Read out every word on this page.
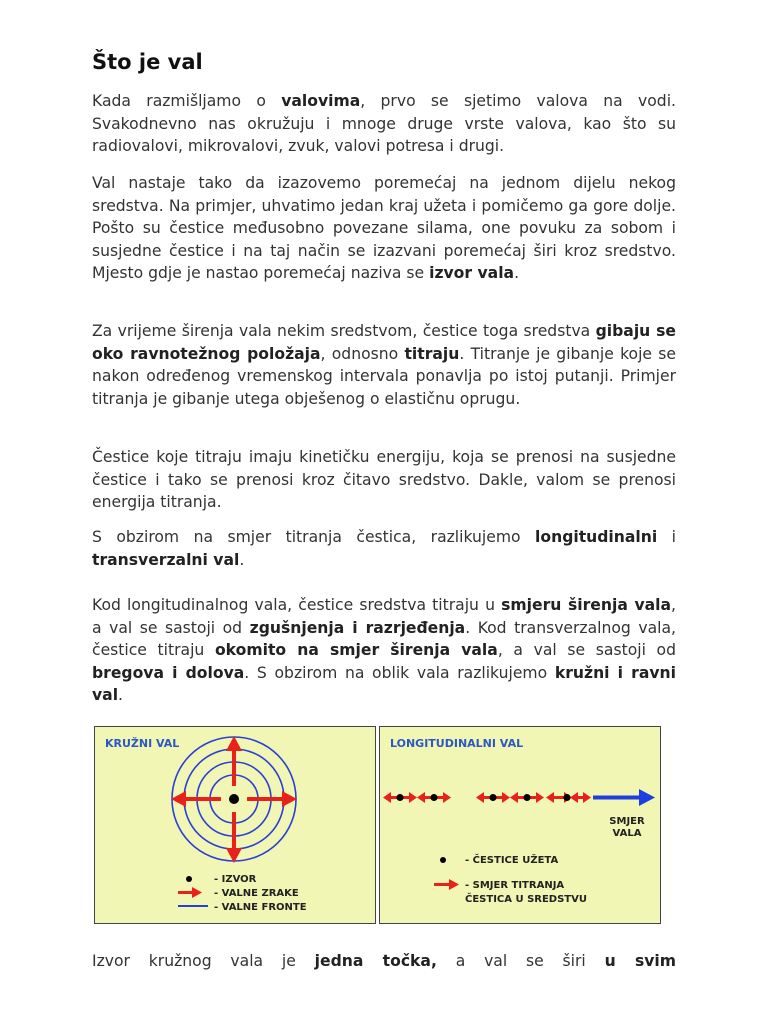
Što je val

Kada razmišljamo o valovima, prvo se sjetimo valova na vodi. Svakodnevno nas okružuju i mnoge druge vrste valova, kao što su radiovalovi, mikrovalovi, zvuk, valovi potresa i drugi.

Val nastaje tako da izazovemo poremećaj na jednom dijelu nekog sredstva. Na primjer, uhvatimo jedan kraj užeta i pomičemo ga gore dolje. Pošto su čestice međusobno povezane silama, one povuku za sobom i susjedne čestice i na taj način se izazvani poremećaj širi kroz sredstvo. Mjesto gdje je nastao poremećaj naziva se izvor vala.

Za vrijeme širenja vala nekim sredstvom, čestice toga sredstva gibaju se oko ravnotežnog položaja, odnosno titraju. Titranje je gibanje koje se nakon određenog vremenskog intervala ponavlja po istoj putanji. Primjer titranja je gibanje utega obješenog o elastičnu oprugu.

Čestice koje titraju imaju kinetičku energiju, koja se prenosi na susjedne čestice i tako se prenosi kroz čitavo sredstvo. Dakle, valom se prenosi energija titranja.

S obzirom na smjer titranja čestica, razlikujemo longitudinalni i transverzalni val.

Kod longitudinalnog vala, čestice sredstva titraju u smjeru širenja vala, a val se sastoji od zgušnjenja i razrjeđenja. Kod transverzalnog vala, čestice titraju okomito na smjer širenja vala, a val se sastoji od bregova i dolova. S obzirom na oblik vala razlikujemo kružni i ravni val.

KRUŽNI VAL
- IZVOR
- VALNE ZRAKE
- VALNE FRONTE
LONGITUDINALNI VAL
SMJER
VALA
- ČESTICE UŽETA
- SMJER TITRANJA
ČESTICA U SREDSTVU

Izvor kružnog vala je jedna točka, a val se širi u svim
